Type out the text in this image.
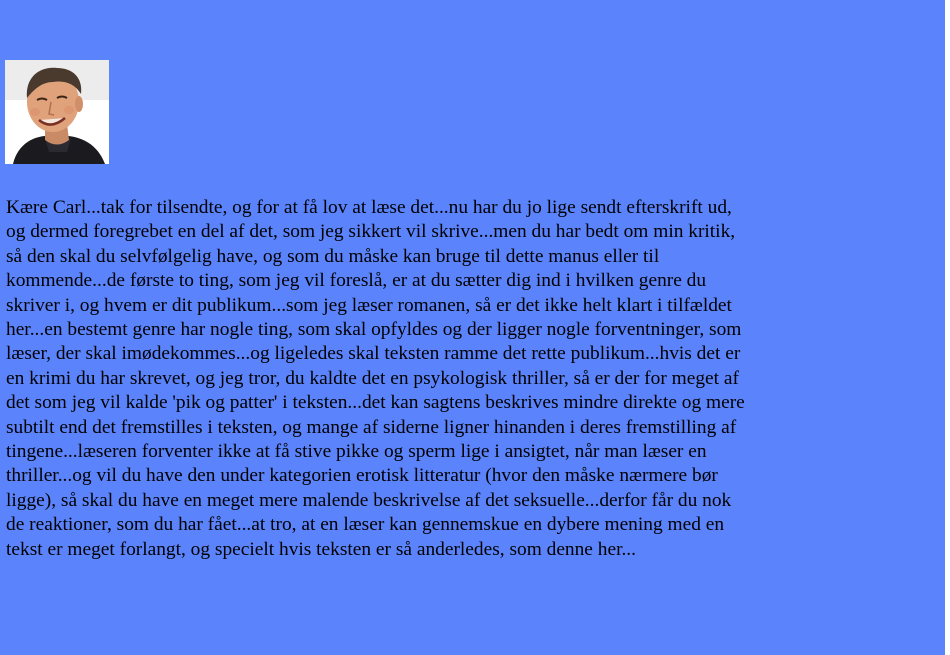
Kære Carl...tak for tilsendte, og for at få lov at læse det...nu har du jo lige sendt efterskrift ud,
og dermed foregrebet en del af det, som jeg sikkert vil skrive...men du har bedt om min kritik,
så den skal du selvfølgelig have, og som du måske kan bruge til dette manus eller til
kommende...de første to ting, som jeg vil foreslå, er at du sætter dig ind i hvilken genre du
skriver i, og hvem er dit publikum...som jeg læser romanen, så er det ikke helt klart i tilfældet
her...en bestemt genre har nogle ting, som skal opfyldes og der ligger nogle forventninger, som
læser, der skal imødekommes...og ligeledes skal teksten ramme det rette publikum...hvis det er
en krimi du har skrevet, og jeg tror, du kaldte det en psykologisk thriller, så er der for meget af
det som jeg vil kalde 'pik og patter' i teksten...det kan sagtens beskrives mindre direkte og mere
subtilt end det fremstilles i teksten, og mange af siderne ligner hinanden i deres fremstilling af
tingene...læseren forventer ikke at få stive pikke og sperm lige i ansigtet, når man læser en
thriller...og vil du have den under kategorien erotisk litteratur (hvor den måske nærmere bør
ligge), så skal du have en meget mere malende beskrivelse af det seksuelle...derfor får du nok
de reaktioner, som du har fået...at tro, at en læser kan gennemskue en dybere mening med en
tekst er meget forlangt, og specielt hvis teksten er så anderledes, som denne her...
